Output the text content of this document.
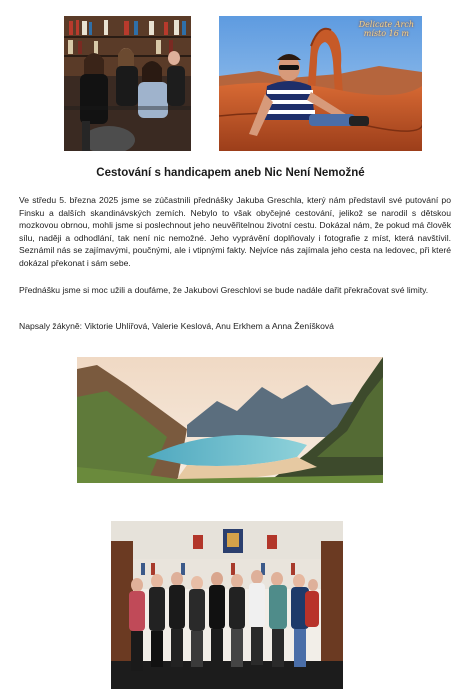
Delicate Arch
místo 16 m
Cestování s handicapem aneb Nic Není Nemožné
Ve středu 5. března 2025 jsme se zúčastnili přednášky Jakuba Greschla, který nám představil své putování po Finsku a dalších skandinávských zemích. Nebylo to však obyčejné cestování, jelikož se narodil s dětskou mozkovou obrnou, mohli jsme si poslechnout jeho neuvěřitelnou životní cestu. Dokázal nám, že pokud má člověk sílu, naději a odhodlání, tak není nic nemožné. Jeho vyprávění doplňovaly i fotografie z míst, která navštívil. Seznámil nás se zajímavými, poučnými, ale i vtipnými fakty. Nejvíce nás zajímala jeho cesta na ledovec, při které dokázal překonat i sám sebe.
Přednášku jsme si moc užili a doufáme, že Jakubovi Greschlovi se bude nadále dařit překračovat své limity.
Napsaly žákyně: Viktorie Uhlířová, Valerie Keslová, Anu Erkhem a Anna Ženíšková
